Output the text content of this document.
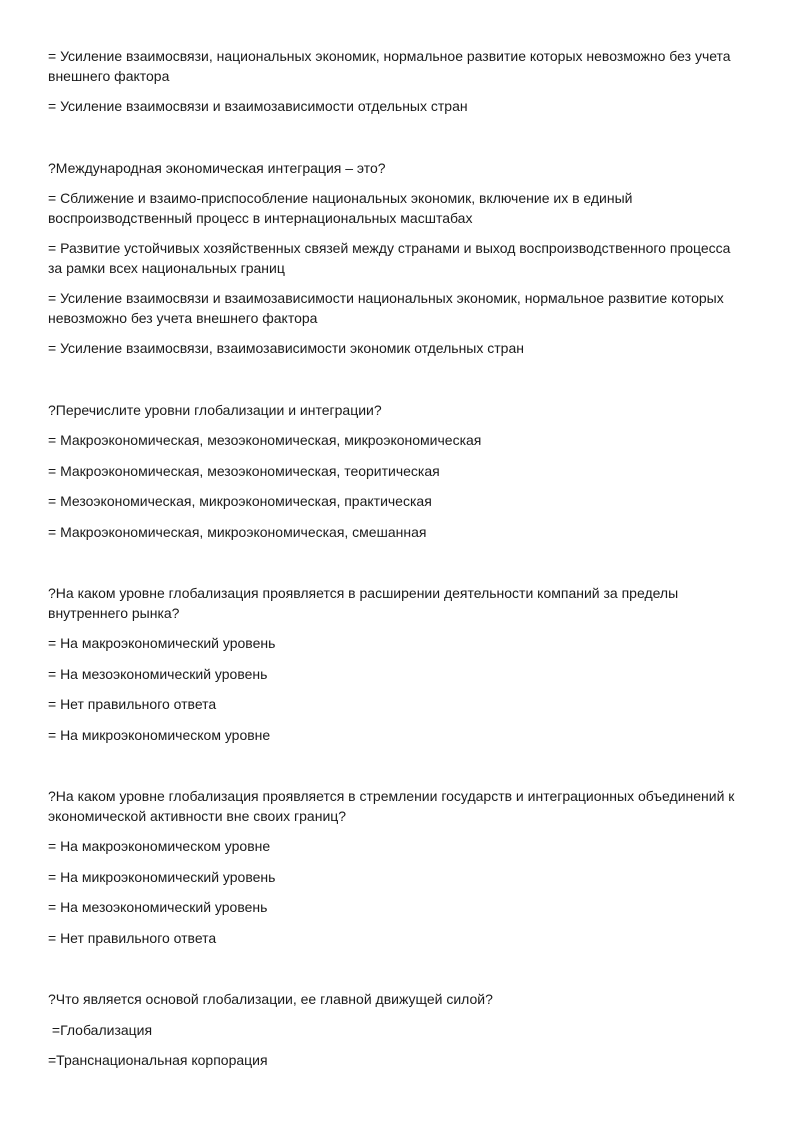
= Усиление взаимосвязи, национальных экономик, нормальное развитие которых невозможно без учета внешнего фактора

= Усиление взаимосвязи и взаимозависимости отдельных стран

?Международная экономическая интеграция – это?

= Сближение и взаимо-приспособление национальных экономик, включение их в единый воспроизводственный процесс в интернациональных масштабах

= Развитие устойчивых хозяйственных связей между странами и выход воспроизводственного процесса за рамки всех национальных границ

= Усиление взаимосвязи и взаимозависимости национальных экономик, нормальное развитие которых невозможно без учета внешнего фактора

= Усиление взаимосвязи, взаимозависимости экономик отдельных стран

?Перечислите уровни глобализации и интеграции?

= Макроэкономическая, мезоэкономическая, микроэкономическая

= Макроэкономическая, мезоэкономическая, теоритическая

= Мезоэкономическая, микроэкономическая, практическая

= Макроэкономическая, микроэкономическая, смешанная

?На каком уровне глобализация проявляется в расширении деятельности компаний за пределы внутреннего рынка?

= На макроэкономический уровень

= На мезоэкономический уровень

= Нет правильного ответа

= На микроэкономическом уровне

?На каком уровне глобализация проявляется в стремлении государств и интеграционных объединений к экономической активности вне своих границ?

= На макроэкономическом уровне

= На микроэкономический уровень

= На мезоэкономический уровень

= Нет правильного ответа

?Что является основой глобализации, ее главной движущей силой?

=Глобализация

=Транснациональная корпорация
